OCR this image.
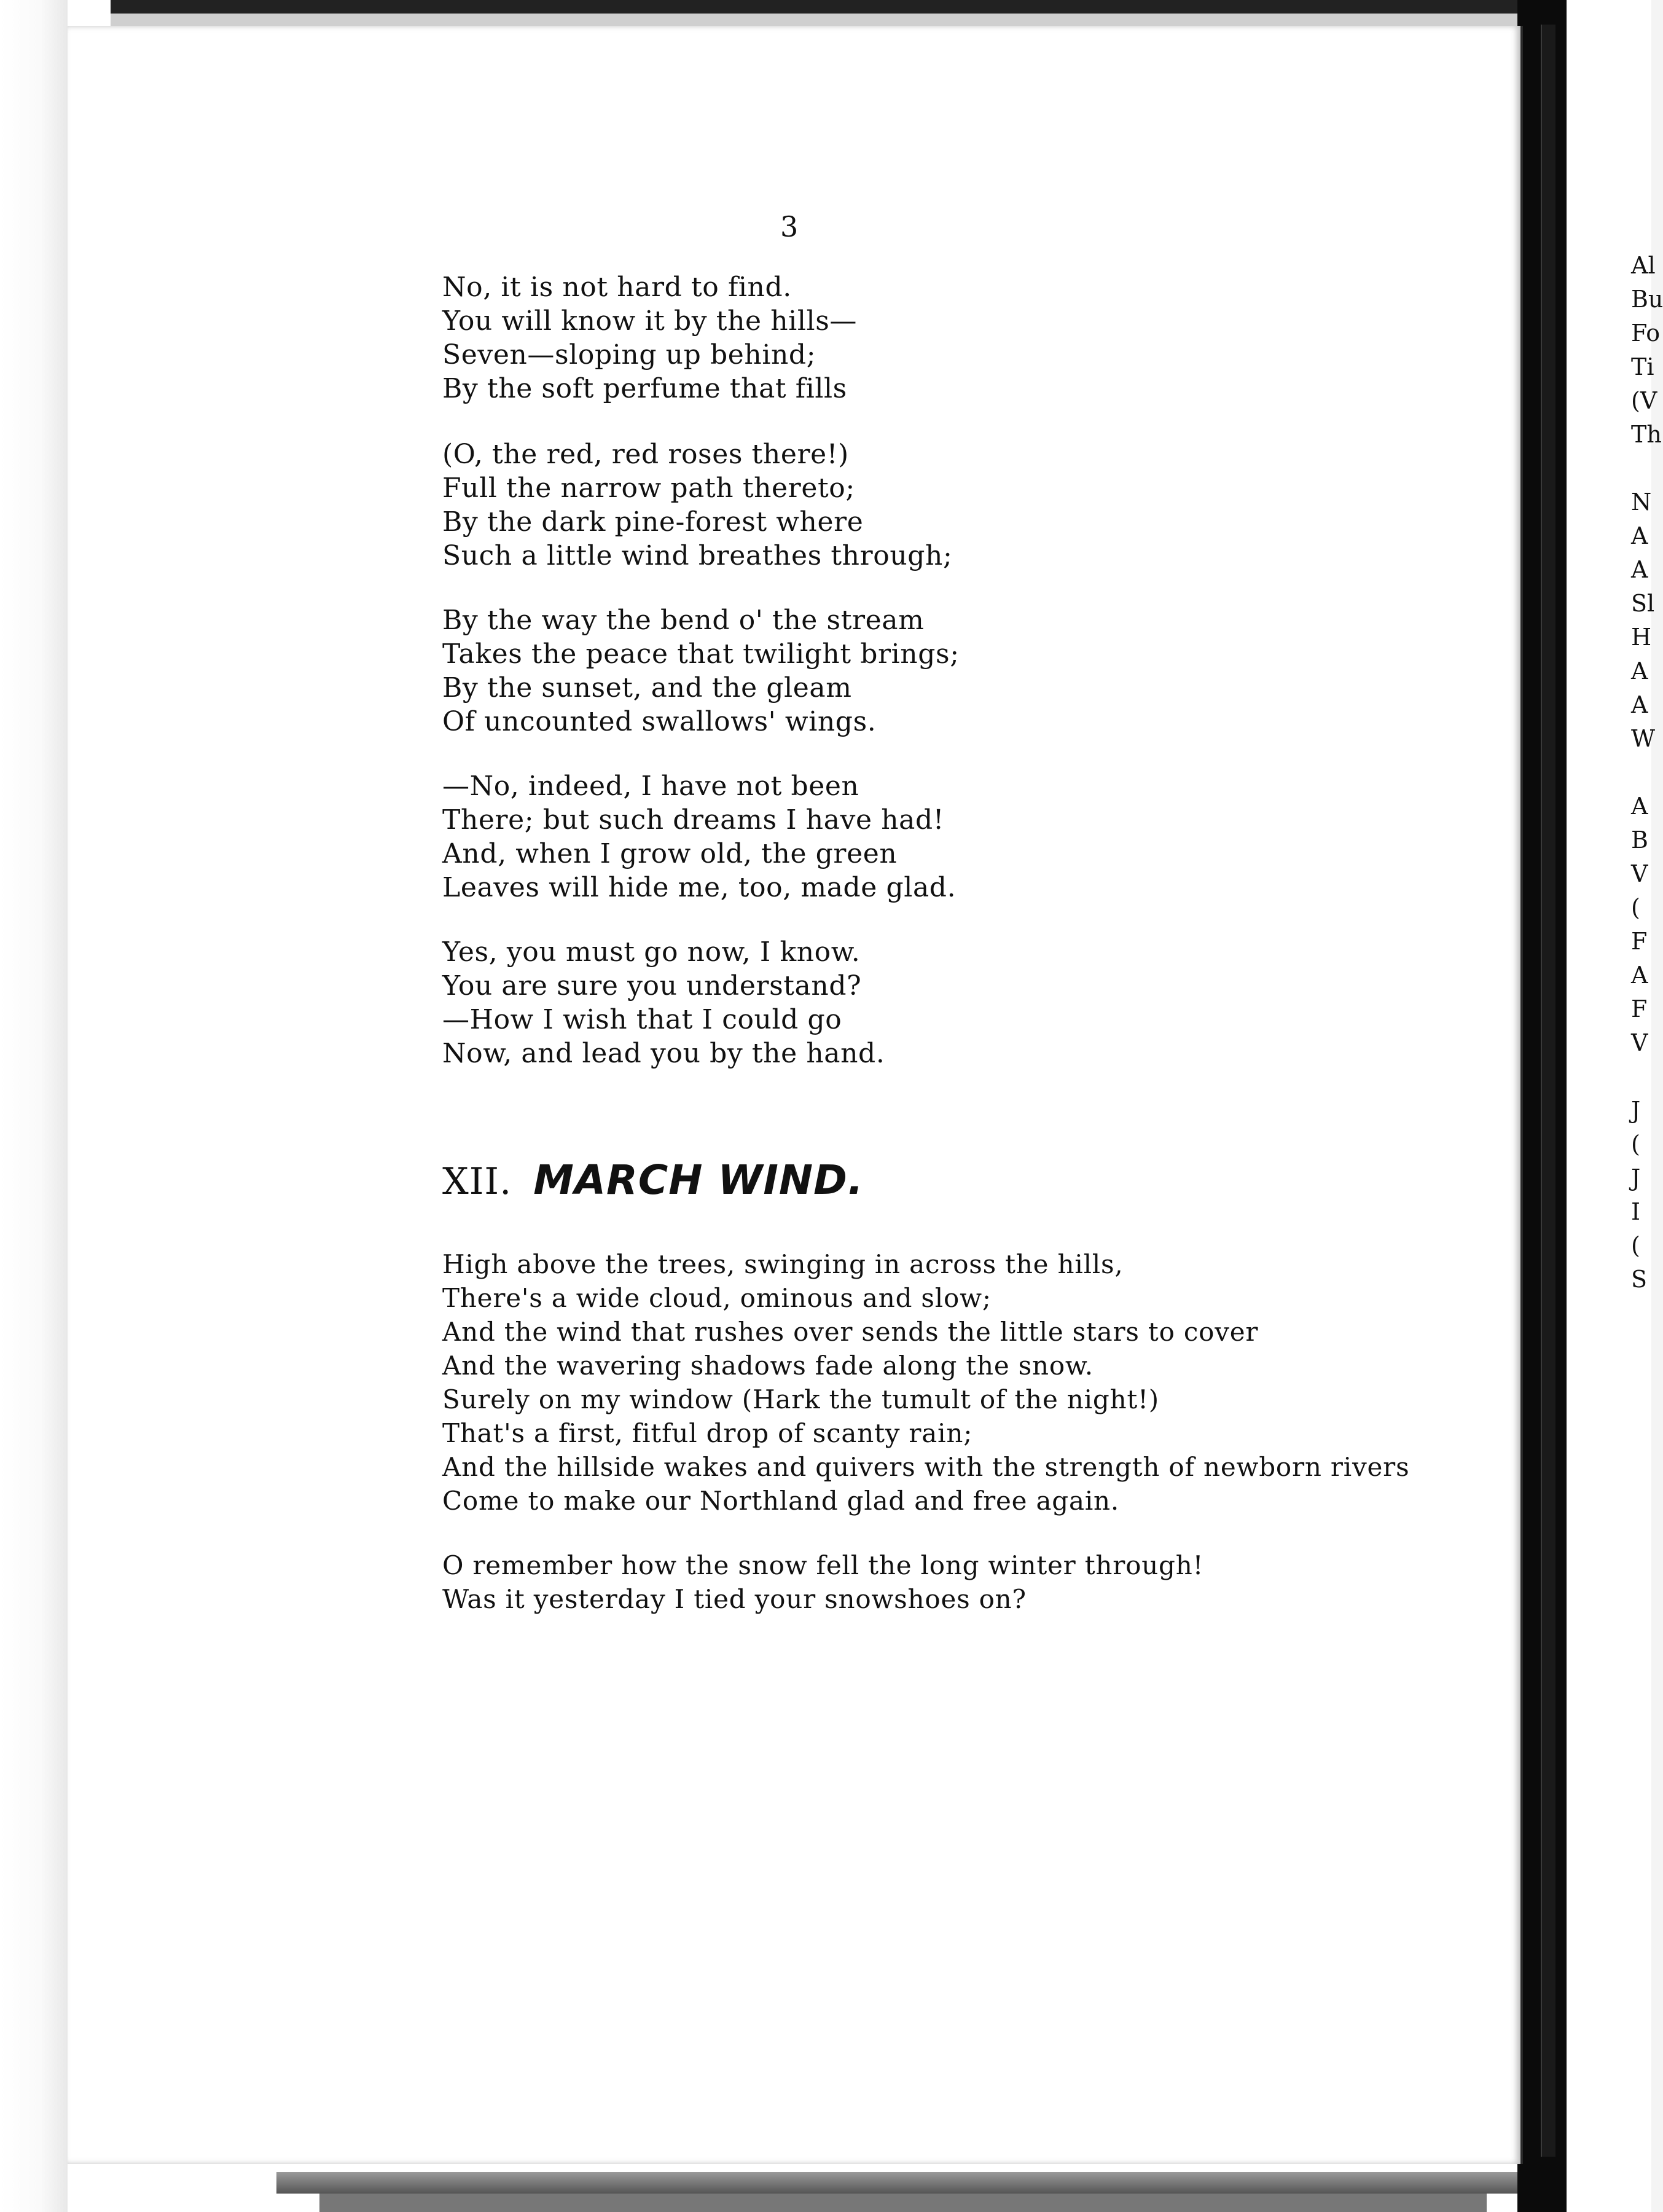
3
No, it is not hard to find.
You will know it by the hills—
Seven—sloping up behind;
By the soft perfume that fills
(O, the red, red roses there!)
Full the narrow path thereto;
By the dark pine-forest where
Such a little wind breathes through;
By the way the bend o' the stream
Takes the peace that twilight brings;
By the sunset, and the gleam
Of uncounted swallows' wings.
—No, indeed, I have not been
There; but such dreams I have had!
And, when I grow old, the green
Leaves will hide me, too, made glad.
Yes, you must go now, I know.
You are sure you understand?
—How I wish that I could go
Now, and lead you by the hand.
XII. MARCH WIND.
High above the trees, swinging in across the hills,
There's a wide cloud, ominous and slow;
And the wind that rushes over sends the little stars to cover
And the wavering shadows fade along the snow.
Surely on my window (Hark the tumult of the night!)
That's a first, fitful drop of scanty rain;
And the hillside wakes and quivers with the strength of newborn rivers
Come to make our Northland glad and free again.
O remember how the snow fell the long winter through!
Was it yesterday I tied your snowshoes on?
Al
Bu
Fo
Ti
(V
Th

N
A
A
Sl
H
A
A
W

A
B
V
(
F
A
F
V

J
(
J
I
(
S
